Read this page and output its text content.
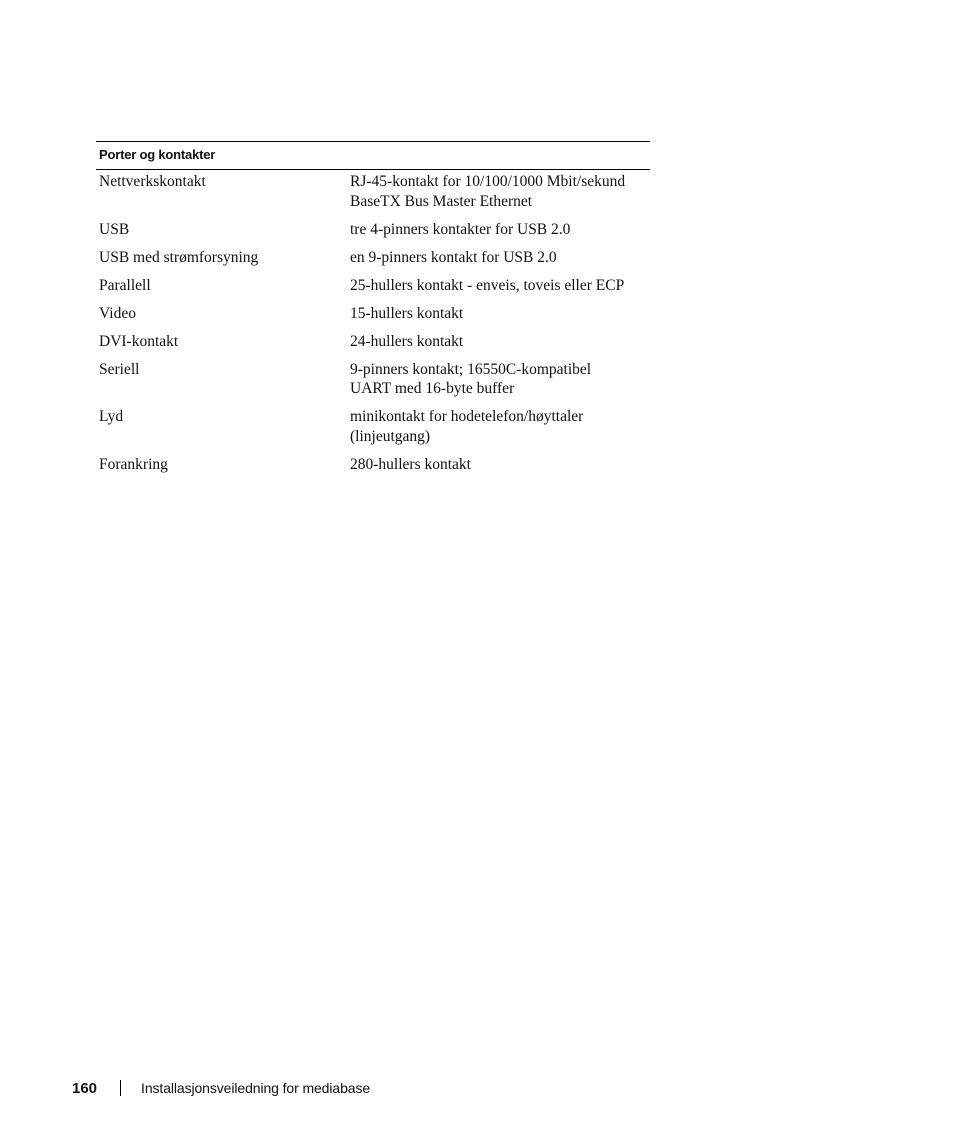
Porter og kontakter
Nettverkskontakt	RJ-45-kontakt for 10/100/1000 Mbit/sekund
BaseTX Bus Master Ethernet
USB	tre 4-pinners kontakter for USB 2.0
USB med strømforsyning	en 9-pinners kontakt for USB 2.0
Parallell	25-hullers kontakt - enveis, toveis eller ECP
Video	15-hullers kontakt
DVI-kontakt	24-hullers kontakt
Seriell	9-pinners kontakt; 16550C-kompatibel
UART med 16-byte buffer
Lyd	minikontakt for hodetelefon/høyttaler
(linjeutgang)
Forankring	280-hullers kontakt
160	Installasjonsveiledning for mediabase
